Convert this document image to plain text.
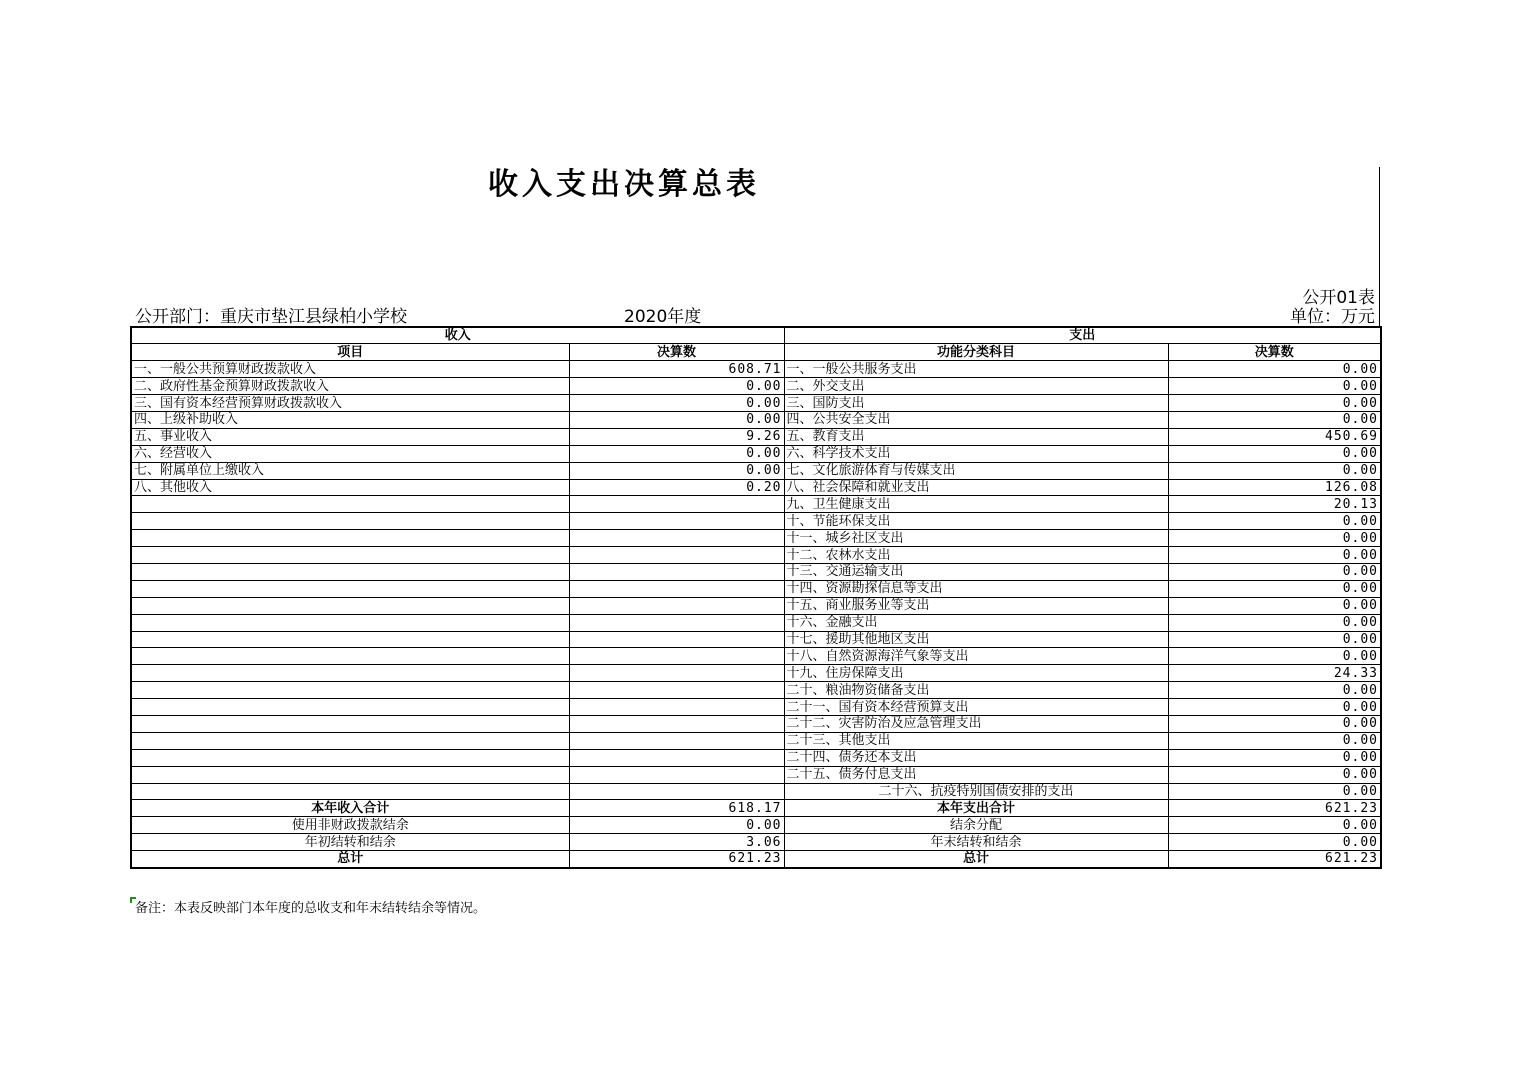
收入支出决算总表
公开01表
公开部门：重庆市垫江县绿柏小学校	2020年度	单位：万元
收入		支出	
项目	决算数	功能分类科目	决算数
一、一般公共预算财政拨款收入	608.71	一、一般公共服务支出	0.00
二、政府性基金预算财政拨款收入	0.00	二、外交支出	0.00
三、国有资本经营预算财政拨款收入	0.00	三、国防支出	0.00
四、上级补助收入	0.00	四、公共安全支出	0.00
五、事业收入	9.26	五、教育支出	450.69
六、经营收入	0.00	六、科学技术支出	0.00
七、附属单位上缴收入	0.00	七、文化旅游体育与传媒支出	0.00
八、其他收入	0.20	八、社会保障和就业支出	126.08
		九、卫生健康支出	20.13
		十、节能环保支出	0.00
		十一、城乡社区支出	0.00
		十二、农林水支出	0.00
		十三、交通运输支出	0.00
		十四、资源勘探信息等支出	0.00
		十五、商业服务业等支出	0.00
		十六、金融支出	0.00
		十七、援助其他地区支出	0.00
		十八、自然资源海洋气象等支出	0.00
		十九、住房保障支出	24.33
		二十、粮油物资储备支出	0.00
		二十一、国有资本经营预算支出	0.00
		二十二、灾害防治及应急管理支出	0.00
		二十三、其他支出	0.00
		二十四、债务还本支出	0.00
		二十五、债务付息支出	0.00
		二十六、抗疫特别国债安排的支出	0.00
本年收入合计	618.17	本年支出合计	621.23
使用非财政拨款结余	0.00	结余分配	0.00
年初结转和结余	3.06	年末结转和结余	0.00
总计	621.23	总计	621.23
备注：本表反映部门本年度的总收支和年末结转结余等情况。
